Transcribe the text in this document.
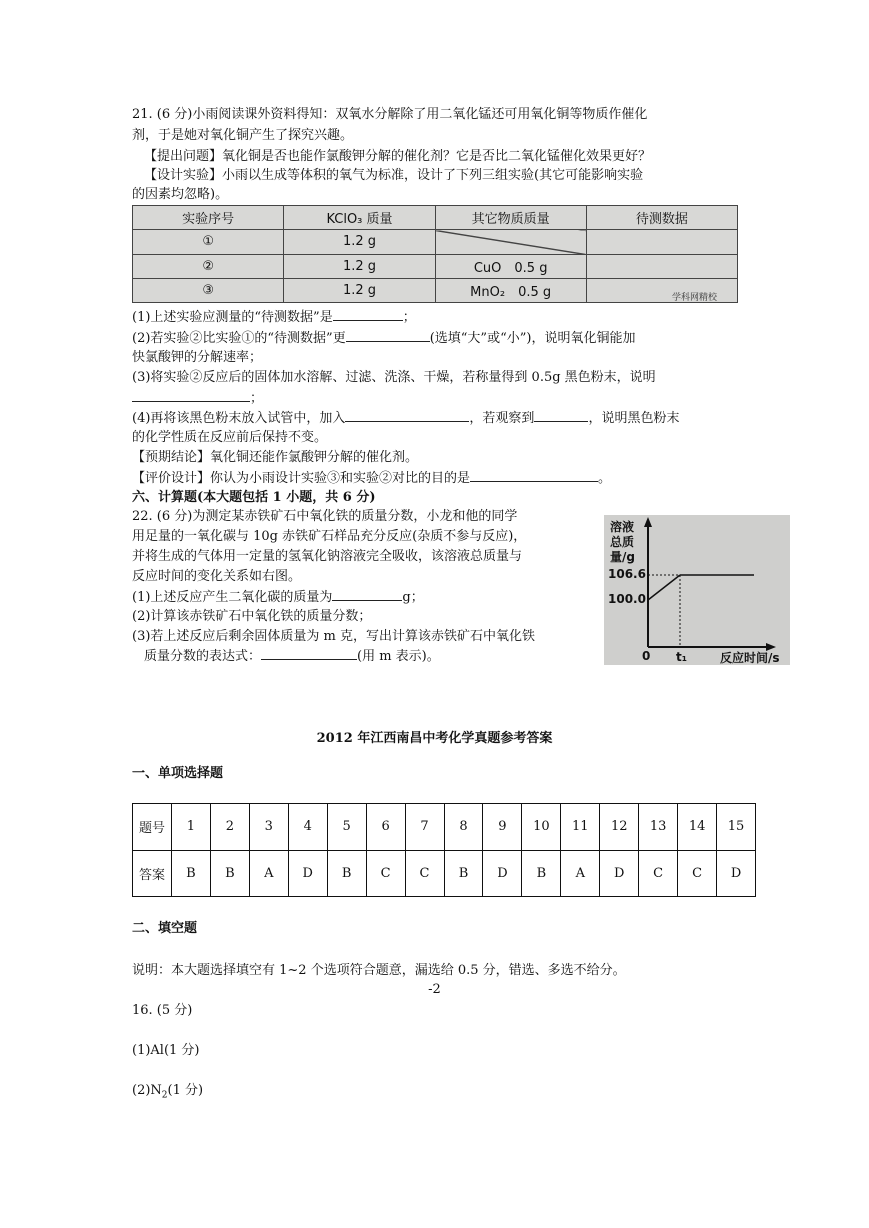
21. (6 分)小雨阅读课外资料得知：双氧水分解除了用二氧化锰还可用氧化铜等物质作催化
剂，于是她对氧化铜产生了探究兴趣。
【提出问题】氧化铜是否也能作氯酸钾分解的催化剂？它是否比二氧化锰催化效果更好？
【设计实验】小雨以生成等体积的氧气为标准，设计了下列三组实验(其它可能影响实验
的因素均忽略)。
实验序号	KClO₃ 质量	其它物质质量	待测数据
①	1.2 g		
②	1.2 g	CuO　0.5 g	
③	1.2 g	MnO₂　0.5 g		学科网精校
(1)上述实验应测量的“待测数据”是	；
(2)若实验②比实验①的“待测数据”更	(选填“大”或“小”)，说明氧化铜能加
快氯酸钾的分解速率；
(3)将实验②反应后的固体加水溶解、过滤、洗涤、干燥，若称量得到 0.5g 黑色粉末，说明
；
(4)再将该黑色粉末放入试管中，加入	，若观察到	，说明黑色粉末
的化学性质在反应前后保持不变。
【预期结论】氧化铜还能作氯酸钾分解的催化剂。
【评价设计】你认为小雨设计实验③和实验②对比的目的是	。
六、计算题(本大题包括 1 小题，共 6 分)
22. (6 分)为测定某赤铁矿石中氧化铁的质量分数，小龙和他的同学
用足量的一氧化碳与 10g 赤铁矿石样品充分反应(杂质不参与反应)，
并将生成的气体用一定量的氢氧化钠溶液完全吸收，该溶液总质量与
反应时间的变化关系如右图。
(1)上述反应产生二氧化碳的质量为	g；
(2)计算该赤铁矿石中氧化铁的质量分数；
(3)若上述反应后剩余固体质量为 m 克，写出计算该赤铁矿石中氧化铁
质量分数的表达式：	(用 m 表示)。
溶液
总质
量/g
106.6
100.0
0 t₁	反应时间/s
2012 年江西南昌中考化学真题参考答案
一、单项选择题
题号	1	2	3	4	5	6	7	8	9	10	11	12	13	14	15
答案	B	B	A	D	B	C	C	B	D	B	A	D	C	C	D
二、填空题
说明：本大题选择填空有 1~2 个选项符合题意，漏选给 0.5 分，错选、多选不给分。
-2
16. (5 分)
(1)Al(1 分)
$(2)N_2(1$ 分)
